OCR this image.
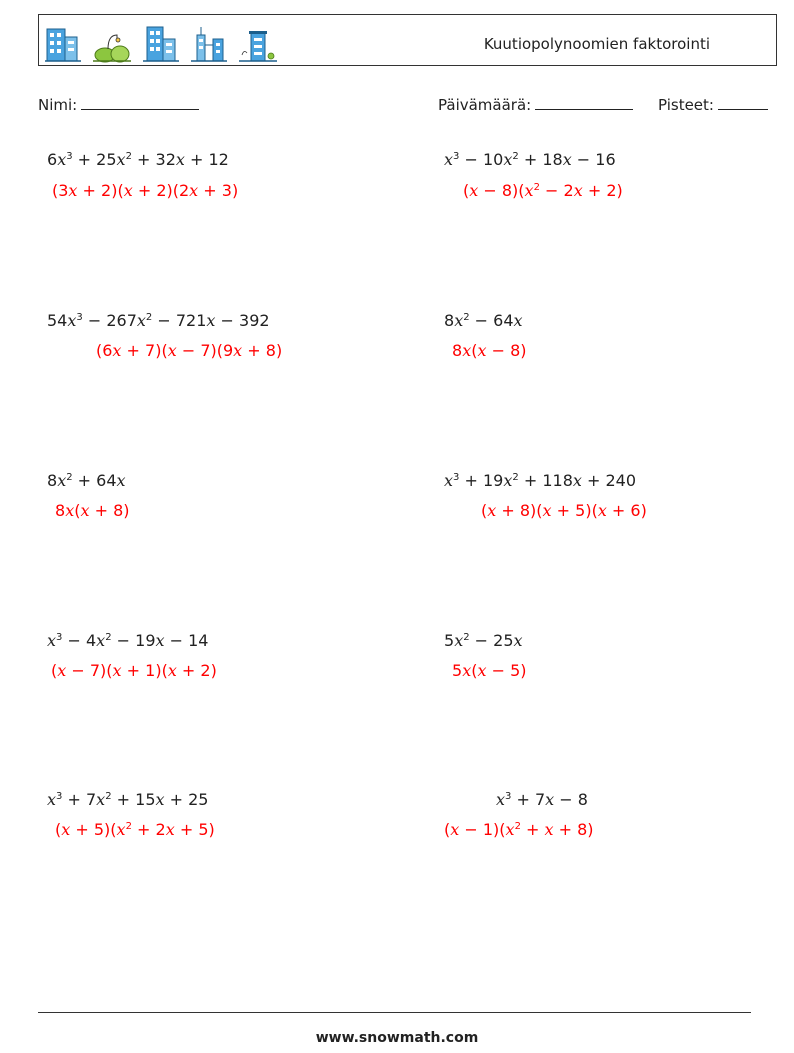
Kuutiopolynoomien faktorointi
Nimi:	Päivämäärä:	Pisteet:
$6x^3 + 25x^2 + 32x + 12$
(3x + 2)(x + 2)(2x + 3)
$x^3 - 10x^2 + 18x - 16$
$(x - 8)(x^2 - 2x + 2)$
$54x^3 - 267x^2 - 721x - 392$
(6x + 7)(x − 7)(9x + 8)
$8x^2 - 64x$
8x(x − 8)
$8x^2 + 64x$
8x(x + 8)
$x^3 + 19x^2 + 118x + 240$
(x + 8)(x + 5)(x + 6)
$x^3 - 4x^2 - 19x - 14$
(x − 7)(x + 1)(x + 2)
$5x^2 - 25x$
5x(x − 5)
$x^3 + 7x^2 + 15x + 25$
$(x + 5)(x^2 + 2x + 5)$
$x^3 + 7x - 8$
$(x - 1)(x^2 + x + 8)$
www.snowmath.com
